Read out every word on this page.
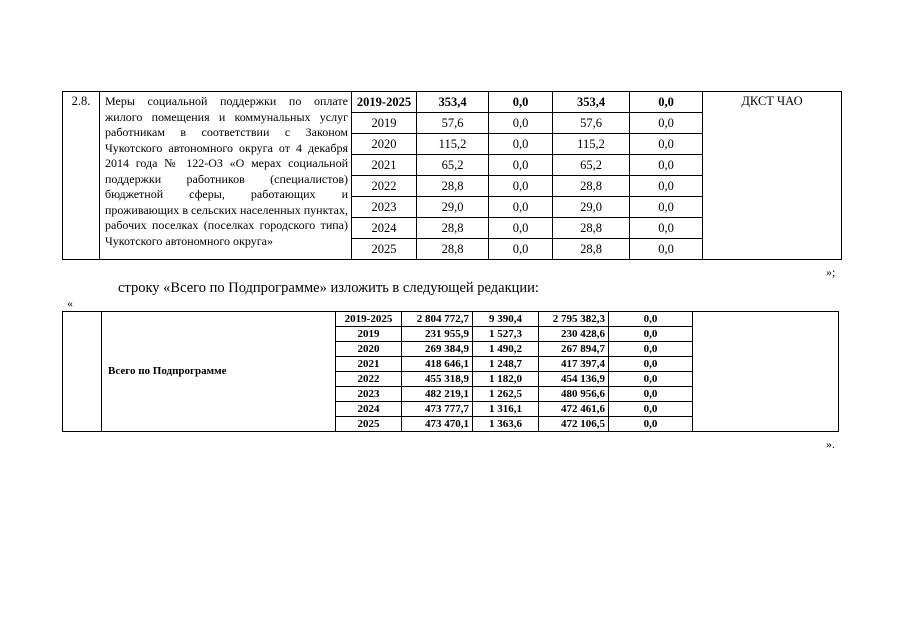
2.8.	Меры социальной поддержки по оплате жилого помещения и коммунальных услуг работникам в соответствии с Законом Чукотского автономного округа от 4 декабря 2014 года № 122-ОЗ «О мерах социальной поддержки работников (специалистов) бюджетной сферы, работающих и проживающих в сельских населенных пунктах, рабочих поселках (поселках городского типа) Чукотского автономного округа»	2019-2025	353,4	0,0	353,4	0,0	ДКСТ ЧАО
		2019	57,6	0,0	57,6	0,0	
		2020	115,2	0,0	115,2	0,0	
		2021	65,2	0,0	65,2	0,0	
		2022	28,8	0,0	28,8	0,0	
		2023	29,0	0,0	29,0	0,0	
		2024	28,8	0,0	28,8	0,0	
		2025	28,8	0,0	28,8	0,0	
»;
строку «Всего по Подпрограмме» изложить в следующей редакции:
«
	Всего по Подпрограмме	2019-2025	2 804 772,7	9 390,4	2 795 382,3	0,0	
		2019	231 955,9	1 527,3	230 428,6	0,0	
		2020	269 384,9	1 490,2	267 894,7	0,0	
		2021	418 646,1	1 248,7	417 397,4	0,0	
		2022	455 318,9	1 182,0	454 136,9	0,0	
		2023	482 219,1	1 262,5	480 956,6	0,0	
		2024	473 777,7	1 316,1	472 461,6	0,0	
		2025	473 470,1	1 363,6	472 106,5	0,0	
».
